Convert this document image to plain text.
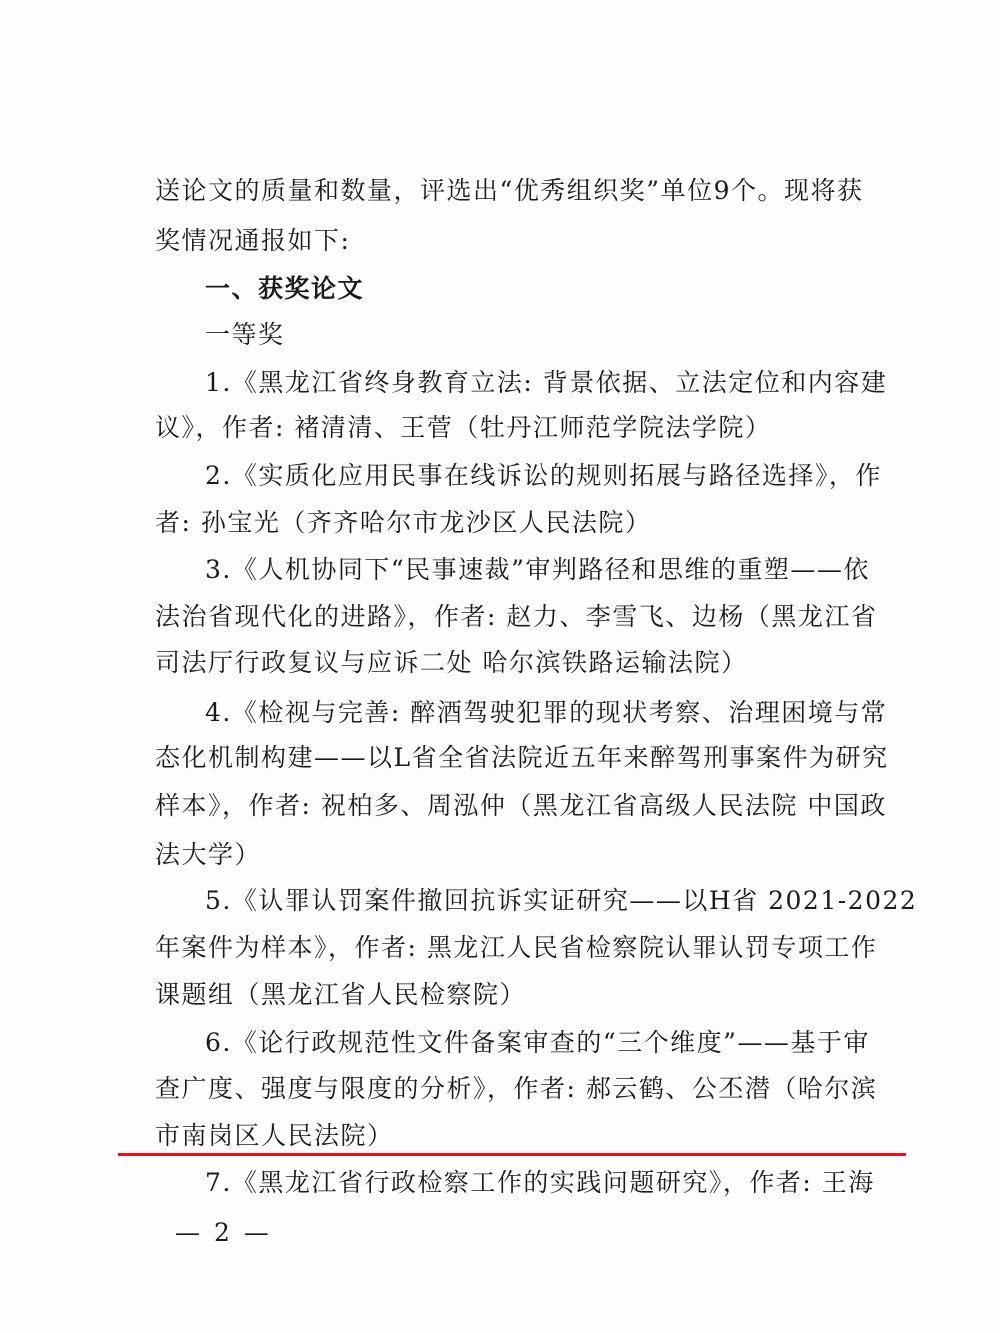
送论文的质量和数量，评选出“优秀组织奖”单位9个。现将获
奖情况通报如下:
一、获奖论文
一等奖
1.《黑龙江省终身教育立法: 背景依据、立法定位和内容建
议》，作者: 褚清清、王菅（牡丹江师范学院法学院）
2.《实质化应用民事在线诉讼的规则拓展与路径选择》，作
者: 孙宝光（齐齐哈尔市龙沙区人民法院）
3.《人机协同下“民事速裁”审判路径和思维的重塑——依
法治省现代化的进路》，作者: 赵力、李雪飞、边杨（黑龙江省
司法厅行政复议与应诉二处 哈尔滨铁路运输法院）
4.《检视与完善: 醉酒驾驶犯罪的现状考察、治理困境与常
态化机制构建——以L省全省法院近五年来醉驾刑事案件为研究
样本》，作者: 祝柏多、周泓仲（黑龙江省高级人民法院 中国政
法大学）
5.《认罪认罚案件撤回抗诉实证研究——以H省 2021-2022
年案件为样本》，作者: 黑龙江人民省检察院认罪认罚专项工作
课题组（黑龙江省人民检察院）
6.《论行政规范性文件备案审查的“三个维度”——基于审
查广度、强度与限度的分析》，作者: 郝云鹤、公丕潜（哈尔滨
市南岗区人民法院）
7.《黑龙江省行政检察工作的实践问题研究》，作者: 王海
— 2 —
